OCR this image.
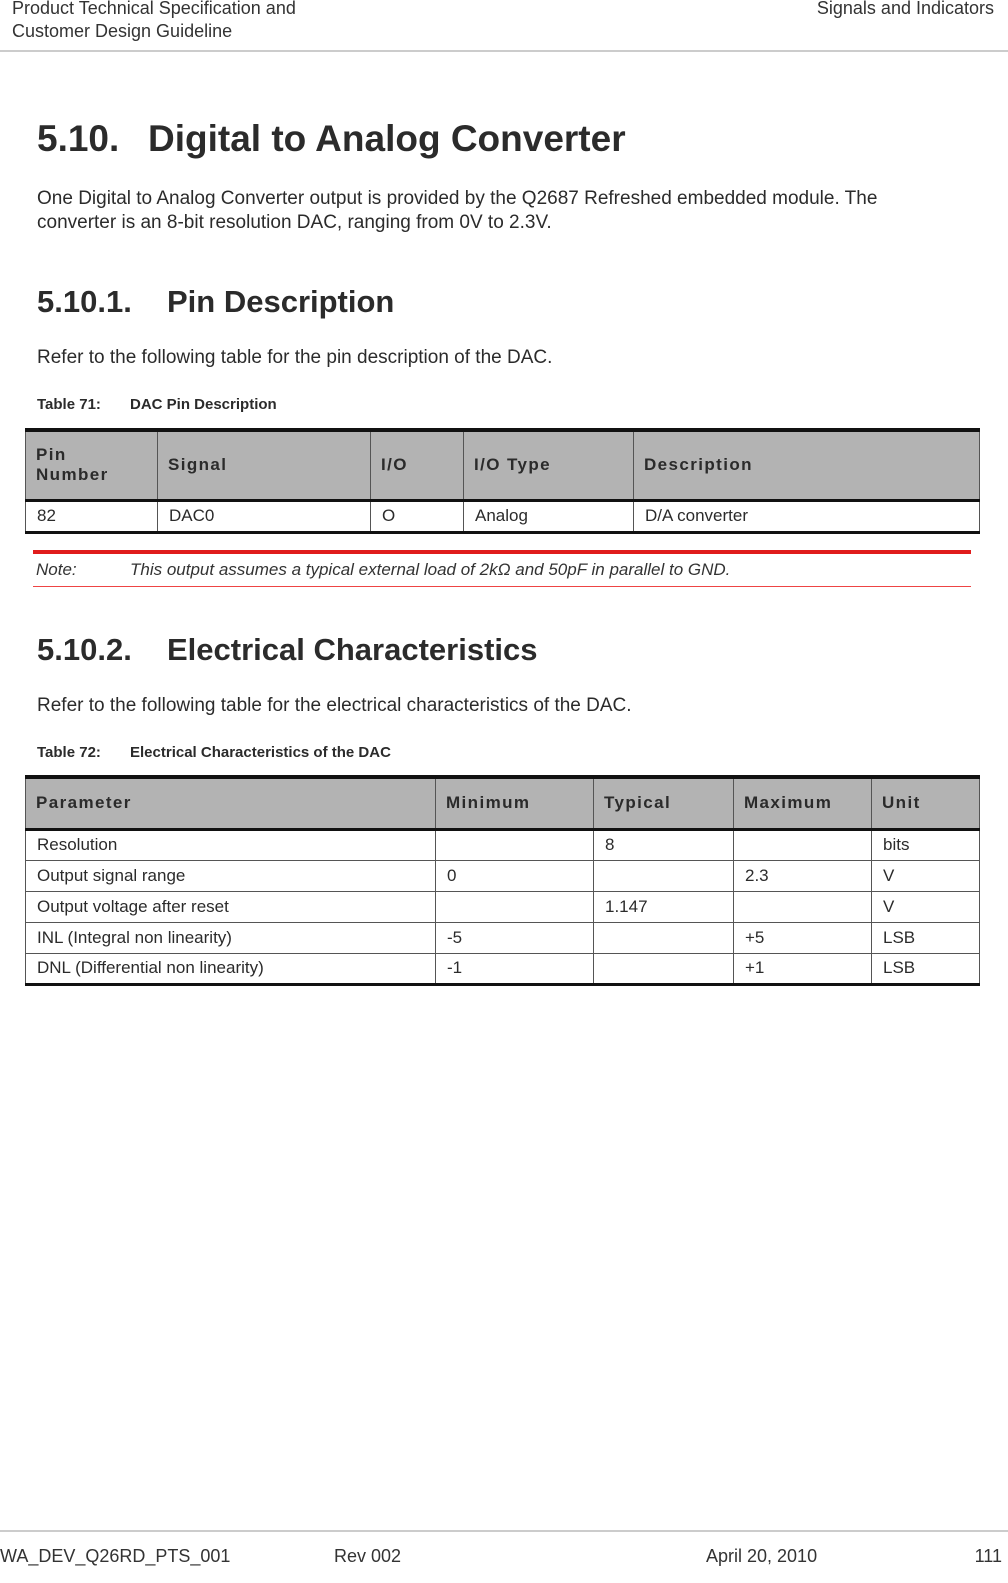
Product Technical Specification and
Customer Design Guideline
Signals and Indicators
5.10. Digital to Analog Converter
One Digital to Analog Converter output is provided by the Q2687 Refreshed embedded module. The converter is an 8-bit resolution DAC, ranging from 0V to 2.3V.
5.10.1. Pin Description
Refer to the following table for the pin description of the DAC.
Table 71: DAC Pin Description
Pin Number	Signal	I/O	I/O Type	Description
82	DAC0	O	Analog	D/A converter
Note:	This output assumes a typical external load of 2kΩ and 50pF in parallel to GND.
5.10.2. Electrical Characteristics
Refer to the following table for the electrical characteristics of the DAC.
Table 72: Electrical Characteristics of the DAC
Parameter	Minimum	Typical	Maximum	Unit
Resolution		8		bits
Output signal range	0		2.3	V
Output voltage after reset		1.147		V
INL (Integral non linearity)	-5		+5	LSB
DNL (Differential non linearity)	-1		+1	LSB
WA_DEV_Q26RD_PTS_001	Rev 002	April 20, 2010	111
